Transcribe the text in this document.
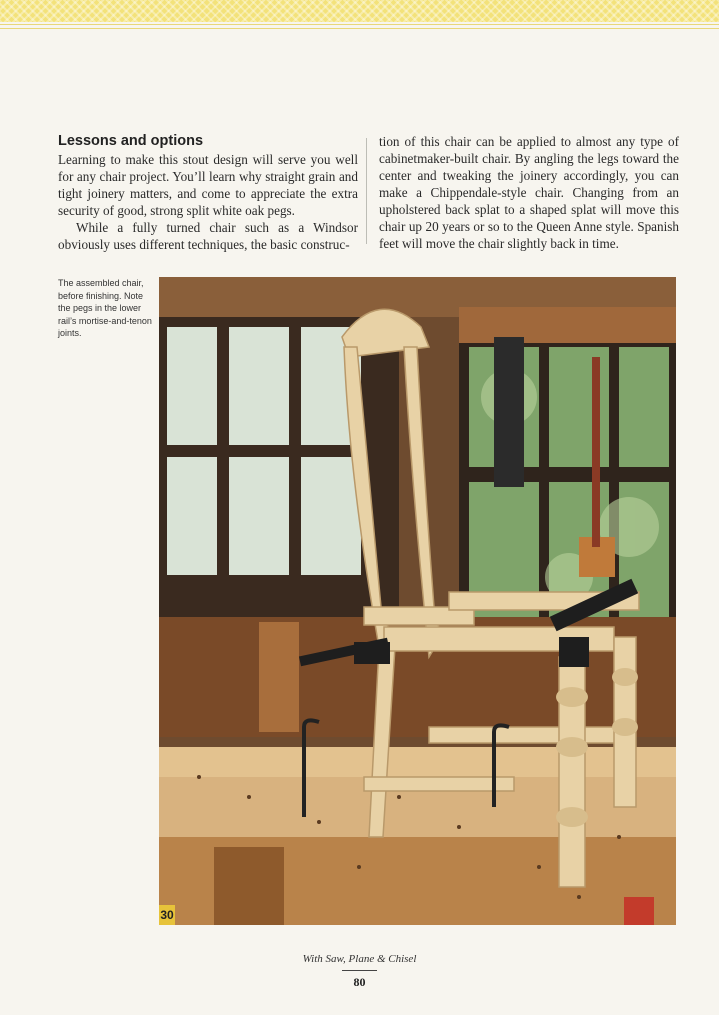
Lessons and options

Learning to make this stout design will serve you well for any chair project. You’ll learn why straight grain and tight joinery matters, and come to appreciate the extra security of good, strong split white oak pegs.

While a fully turned chair such as a Windsor obviously uses different techniques, the basic construc-

tion of this chair can be applied to almost any type of cabinetmaker-built chair. By angling the legs toward the center and tweaking the joinery accordingly, you can make a Chippendale-style chair. Changing from an upholstered back splat to a shaped splat will move this chair up 20 years or so to the Queen Anne style. Spanish feet will move the chair slightly back in time.

The assembled chair, before finishing. Note the pegs in the lower rail’s mortise-and-tenon joints.
30
With Saw, Plane & Chisel
80
